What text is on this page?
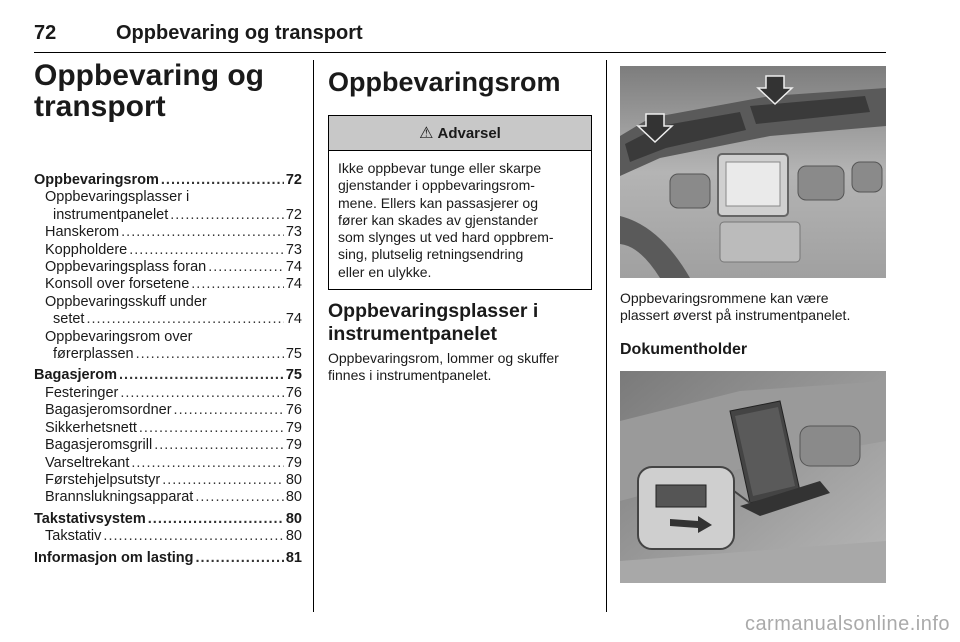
72	Oppbevaring og transport
Oppbevaring og
transport
Oppbevaringsrom .....	72
Oppbevaringsplasser i
instrumentpanelet .....	72
Hanskerom .....	73
Koppholdere .....	73
Oppbevaringsplass foran .....	74
Konsoll over forsetene .....	74
Oppbevaringsskuff under
setet .....	74
Oppbevaringsrom over
førerplassen .....	75
Bagasjerom .....	75
Festeringer .....	76
Bagasjeromsordner .....	76
Sikkerhetsnett .....	79
Bagasjeromsgrill .....	79
Varseltrekant .....	79
Førstehjelpsutstyr .....	80
Brannslukningsapparat .....	80
Takstativsystem .....	80
Takstativ .....	80
Informasjon om lasting .....	81
Oppbevaringsrom
⚠ Advarsel
Ikke oppbevar tunge eller skarpe
gjenstander i oppbevaringsrom-
mene. Ellers kan passasjerer og
fører kan skades av gjenstander
som slynges ut ved hard oppbrem-
sing, plutselig retningsendring
eller en ulykke.
Oppbevaringsplasser i
instrumentpanelet

Oppbevaringsrom, lommer og skuffer
finnes i instrumentpanelet.

Oppbevaringsrommene kan være
plassert øverst på instrumentpanelet.

Dokumentholder
carmanualsonline.info
